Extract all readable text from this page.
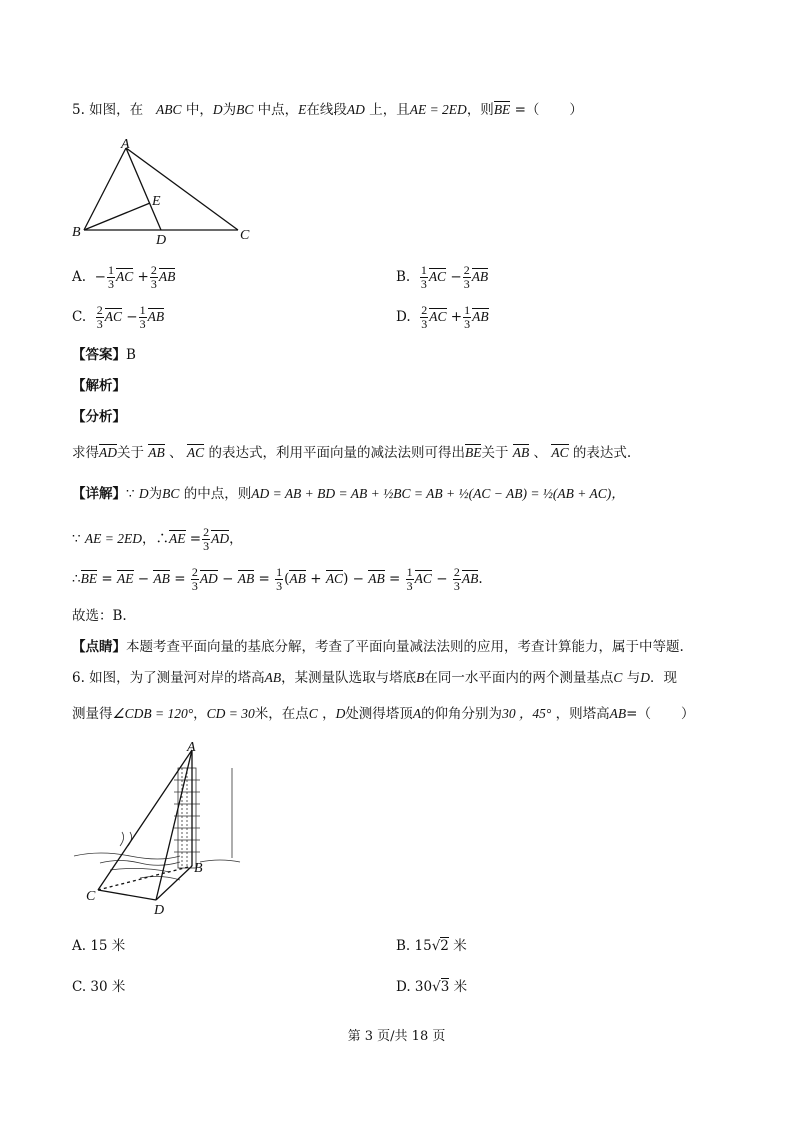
5. 如图，在 ABC 中，D为BC 中点，E在线段AD 上，且AE = 2ED，则BE =（ ）
A
B	C
D
E
A. − $\frac{1}{3}$ AC + $\frac{2}{3}$ AB	B. $\frac{1}{3}$ AC − $\frac{2}{3}$ AB
C. $\frac{2}{3}$ AC − $\frac{1}{3}$ AB	D. $\frac{2}{3}$ AC + $\frac{1}{3}$ AB
【答案】B
【解析】
【分析】
求得AD关于 AB 、 AC 的表达式，利用平面向量的减法法则可得出BE关于 AB 、 AC 的表达式.
【详解】∵ D为BC 的中点，则AD = AB + BD = AB + ½BC = AB + ½(AC − AB) = ½(AB + AC)，
∵ AE = 2ED，∴AE = $\frac{2}{3}$ AD，
∴BE = AE − AB = $\frac{2}{3}$ AD − AB = $\frac{1}{3} (AB + AC)$ − AB = $\frac{1}{3}$ AC − $\frac{2}{3}$ AB.
故选：B.
【点睛】本题考查平面向量的基底分解，考查了平面向量减法法则的应用，考查计算能力，属于中等题.
6. 如图，为了测量河对岸的塔高AB，某测量队选取与塔底B在同一水平面内的两个测量基点C 与D．现
测量得∠CDB = 120°，CD = 30米，在点C ，D处测得塔顶A的仰角分别为30 ，45° ，则塔高AB=（ ）
A
B
C
D
A. 15 米	B. 15√2 米
C. 30 米	D. 30√3 米
第 3 页/共 18 页
